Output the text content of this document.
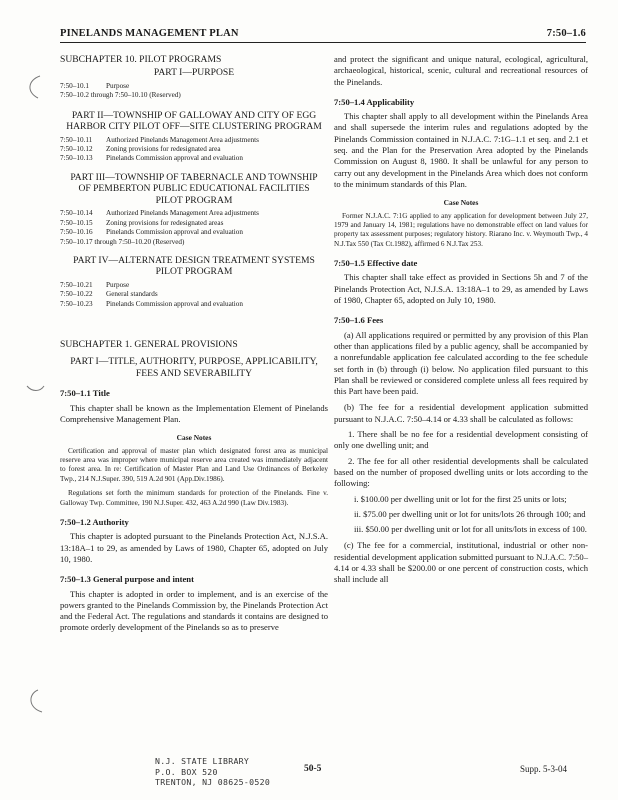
PINELANDS MANAGEMENT PLAN	7:50–1.6

SUBCHAPTER 10. PILOT PROGRAMS

PART I—PURPOSE

7:50–10.1 Purpose
7:50–10.2 through 7:50–10.10 (Reserved)

PART II—TOWNSHIP OF GALLOWAY AND CITY OF EGG HARBOR CITY PILOT OFF—SITE CLUSTERING PROGRAM

7:50–10.11 Authorized Pinelands Management Area adjustments
7:50–10.12 Zoning provisions for redesignated area
7:50–10.13 Pinelands Commission approval and evaluation

PART III—TOWNSHIP OF TABERNACLE AND TOWNSHIP OF PEMBERTON PUBLIC EDUCATIONAL FACILITIES PILOT PROGRAM

7:50–10.14 Authorized Pinelands Management Area adjustments
7:50–10.15 Zoning provisions for redesignated areas
7:50–10.16 Pinelands Commission approval and evaluation
7:50–10.17 through 7:50–10.20 (Reserved)

PART IV—ALTERNATE DESIGN TREATMENT SYSTEMS PILOT PROGRAM

7:50–10.21 Purpose
7:50–10.22 General standards
7:50–10.23 Pinelands Commission approval and evaluation

SUBCHAPTER 1. GENERAL PROVISIONS

PART I—TITLE, AUTHORITY, PURPOSE, APPLICABILITY, FEES AND SEVERABILITY

7:50–1.1 Title

This chapter shall be known as the Implementation Element of Pinelands Comprehensive Management Plan.

Case Notes

Certification and approval of master plan which designated forest area as municipal reserve area was improper where municipal reserve area created was immediately adjacent to forest area. In re: Certification of Master Plan and Land Use Ordinances of Berkeley Twp., 214 N.J.Super. 390, 519 A.2d 901 (App.Div.1986).

Regulations set forth the minimum standards for protection of the Pinelands. Fine v. Galloway Twp. Committee, 190 N.J.Super. 432, 463 A.2d 990 (Law Div.1983).

7:50–1.2 Authority

This chapter is adopted pursuant to the Pinelands Protection Act, N.J.S.A. 13:18A–1 to 29, as amended by Laws of 1980, Chapter 65, adopted on July 10, 1980.

7:50–1.3 General purpose and intent

This chapter is adopted in order to implement, and is an exercise of the powers granted to the Pinelands Commission by, the Pinelands Protection Act and the Federal Act. The regulations and standards it contains are designed to promote orderly development of the Pinelands so as to preserve

and protect the significant and unique natural, ecological, agricultural, archaeological, historical, scenic, cultural and recreational resources of the Pinelands.

7:50–1.4 Applicability

This chapter shall apply to all development within the Pinelands Area and shall supersede the interim rules and regulations adopted by the Pinelands Commission contained in N.J.A.C. 7:1G–1.1 et seq. and 2.1 et seq. and the Plan for the Preservation Area adopted by the Pinelands Commission on August 8, 1980. It shall be unlawful for any person to carry out any development in the Pinelands Area which does not conform to the minimum standards of this Plan.

Case Notes

Former N.J.A.C. 7:1G applied to any application for development between July 27, 1979 and January 14, 1981; regulations have no demonstrable effect on land values for property tax assessment purposes; regulatory history. Riarano Inc. v. Weymouth Twp., 4 N.J.Tax 550 (Tax Ct.1982), affirmed 6 N.J.Tax 253.

7:50–1.5 Effective date

This chapter shall take effect as provided in Sections 5h and 7 of the Pinelands Protection Act, N.J.S.A. 13:18A–1 to 29, as amended by Laws of 1980, Chapter 65, adopted on July 10, 1980.

7:50–1.6 Fees

(a) All applications required or permitted by any provision of this Plan other than applications filed by a public agency, shall be accompanied by a nonrefundable application fee calculated according to the fee schedule set forth in (b) through (i) below. No application filed pursuant to this Plan shall be reviewed or considered complete unless all fees required by this Part have been paid.

(b) The fee for a residential development application submitted pursuant to N.J.A.C. 7:50–4.14 or 4.33 shall be calculated as follows:

1. There shall be no fee for a residential development consisting of only one dwelling unit; and

2. The fee for all other residential developments shall be calculated based on the number of proposed dwelling units or lots according to the following:

i. $100.00 per dwelling unit or lot for the first 25 units or lots;

ii. $75.00 per dwelling unit or lot for units/lots 26 through 100; and

iii. $50.00 per dwelling unit or lot for all units/lots in excess of 100.

(c) The fee for a commercial, institutional, industrial or other non-residential development application submitted pursuant to N.J.A.C. 7:50–4.14 or 4.33 shall be $200.00 or one percent of construction costs, which shall include all

N.J. STATE LIBRARY
P.O. BOX 520
TRENTON, NJ 08625-0520
50-5	Supp. 5-3-04
